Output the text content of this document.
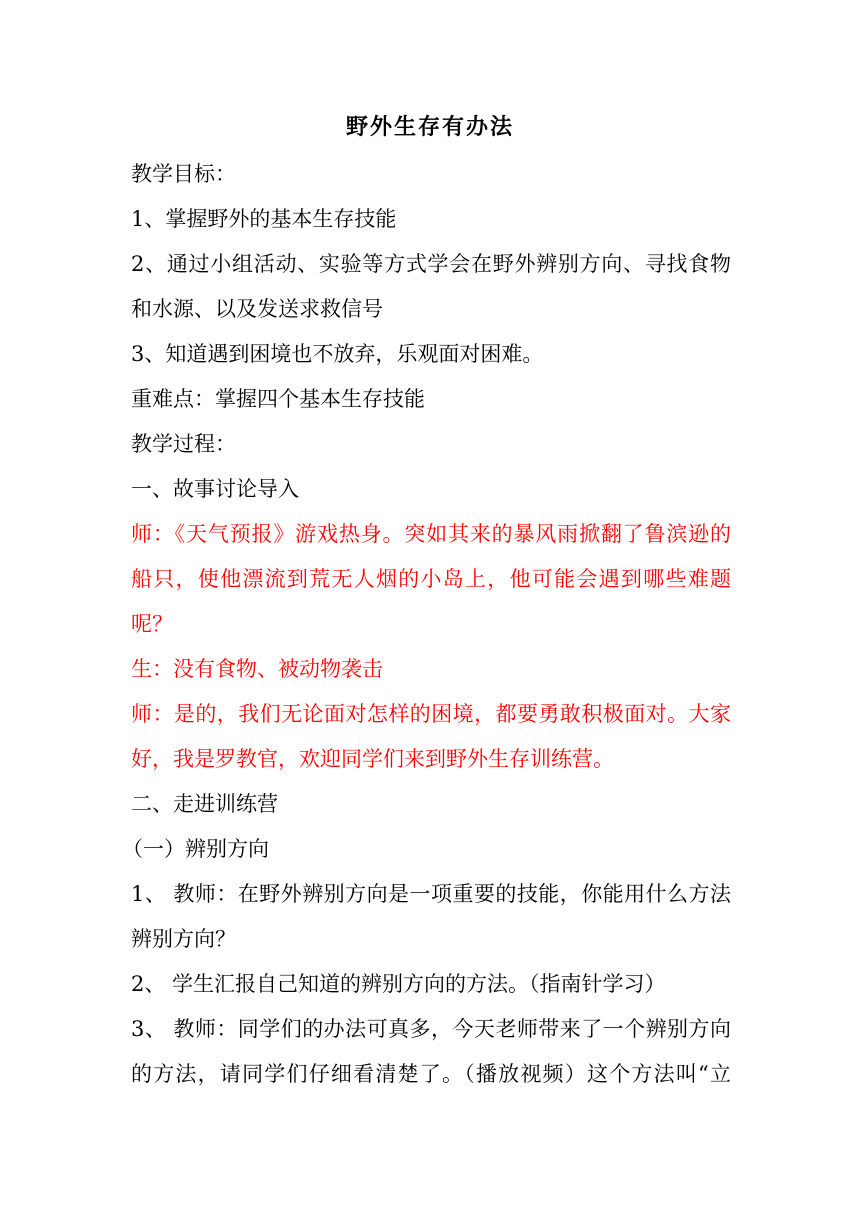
野外生存有办法
教学目标：
1、掌握野外的基本生存技能
2、通过小组活动、实验等方式学会在野外辨别方向、寻找食物
和水源、以及发送求救信号
3、知道遇到困境也不放弃，乐观面对困难。
重难点：掌握四个基本生存技能
教学过程：
一、故事讨论导入
师：《天气预报》游戏热身。突如其来的暴风雨掀翻了鲁滨逊的
船只，使他漂流到荒无人烟的小岛上，他可能会遇到哪些难题
呢？
生：没有食物、被动物袭击
师：是的，我们无论面对怎样的困境，都要勇敢积极面对。大家
好，我是罗教官，欢迎同学们来到野外生存训练营。
二、走进训练营
（一）辨别方向
1、 教师：在野外辨别方向是一项重要的技能，你能用什么方法
辨别方向？
2、 学生汇报自己知道的辨别方向的方法。（指南针学习）
3、 教师：同学们的办法可真多，今天老师带来了一个辨别方向
的方法，请同学们仔细看清楚了。（播放视频）这个方法叫“立
